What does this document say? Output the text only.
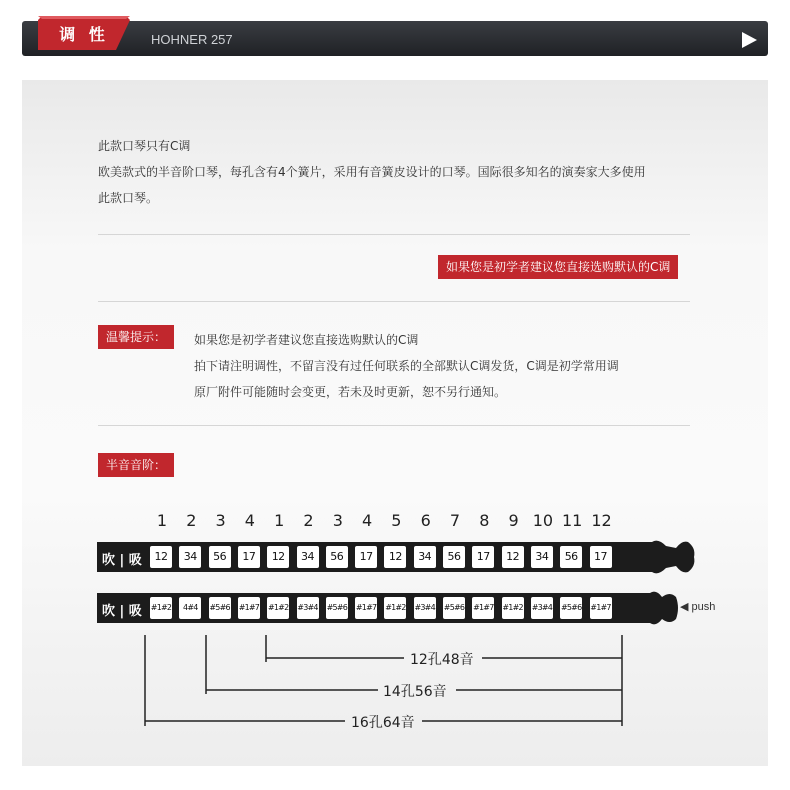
调 性	HOHNER 257
此款口琴只有C调
欧美款式的半音阶口琴，每孔含有4个簧片，采用有音簧皮设计的口琴。国际很多知名的演奏家大多使用
此款口琴。
如果您是初学者建议您直接选购默认的C调
温馨提示：	如果您是初学者建议您直接选购默认的C调
拍下请注明调性，不留言没有过任何联系的全部默认C调发货，C调是初学常用调
原厂附件可能随时会变更，若未及时更新，恕不另行通知。
半音音阶：
1	2	3	4	1	2	3	4	5	6	7	8	9 10 11 12
吹 | 吸	12	34	56	17	12	34	56	17	12	34	56	17	12	34	56	17
吹 | 吸 #1#2	4#4	#5#6 #1#7 #1#2 #3#4 #5#6 #1#7 #1#2 #3#4 #5#6 #1#7 #1#2 #3#4 #5#6 #1#7	◀ push
12孔48音
14孔56音
16孔64音
